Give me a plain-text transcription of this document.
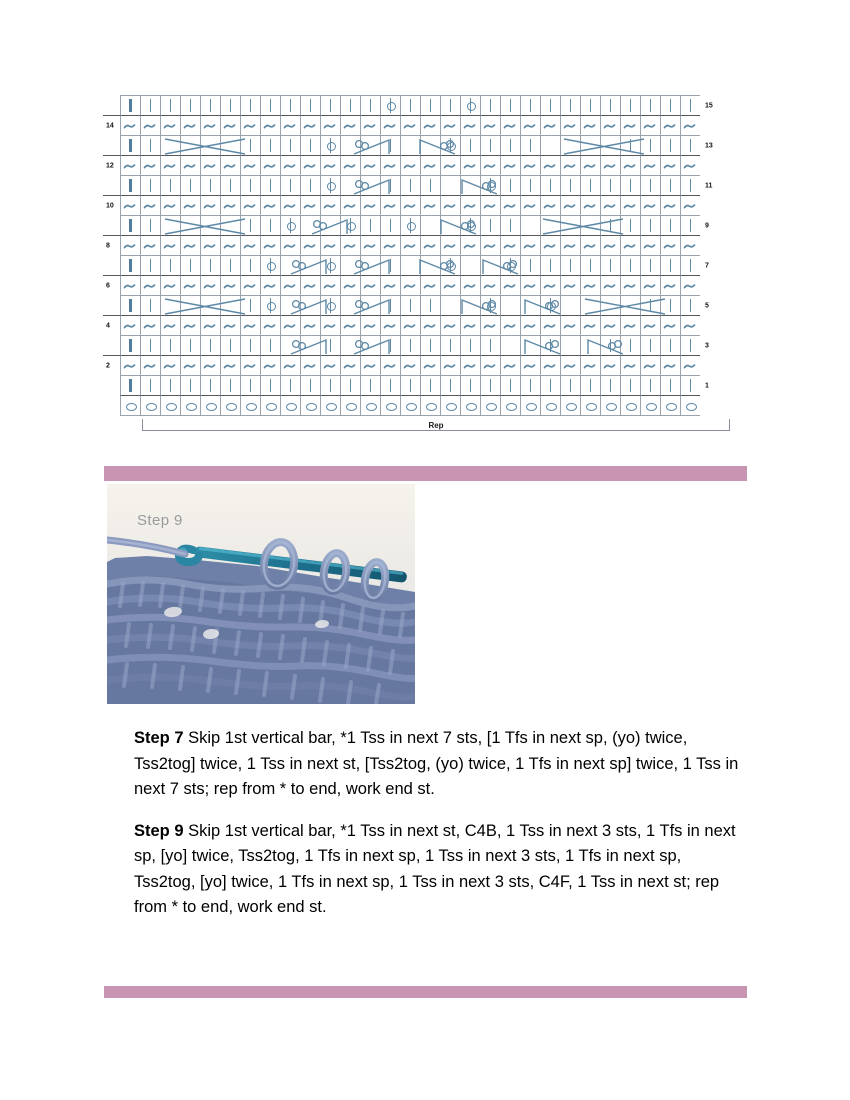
15
14
13
12
11
10
9
8
7
6
5
4
3
2
1
Rep
Step 9

Step 7 Skip 1st vertical bar, *1 Tss in next 7 sts, [1 Tfs in next sp, (yo) twice, Tss2tog] twice, 1 Tss in next st, [Tss2tog, (yo) twice, 1 Tfs in next sp] twice, 1 Tss in next 7 sts; rep from * to end, work end st.

Step 9 Skip 1st vertical bar, *1 Tss in next st, C4B, 1 Tss in next 3 sts, 1 Tfs in next sp, [yo] twice, Tss2tog, 1 Tfs in next sp, 1 Tss in next 3 sts, 1 Tfs in next sp, Tss2tog, [yo] twice, 1 Tfs in next sp, 1 Tss in next 3 sts, C4F, 1 Tss in next st; rep from * to end, work end st.
